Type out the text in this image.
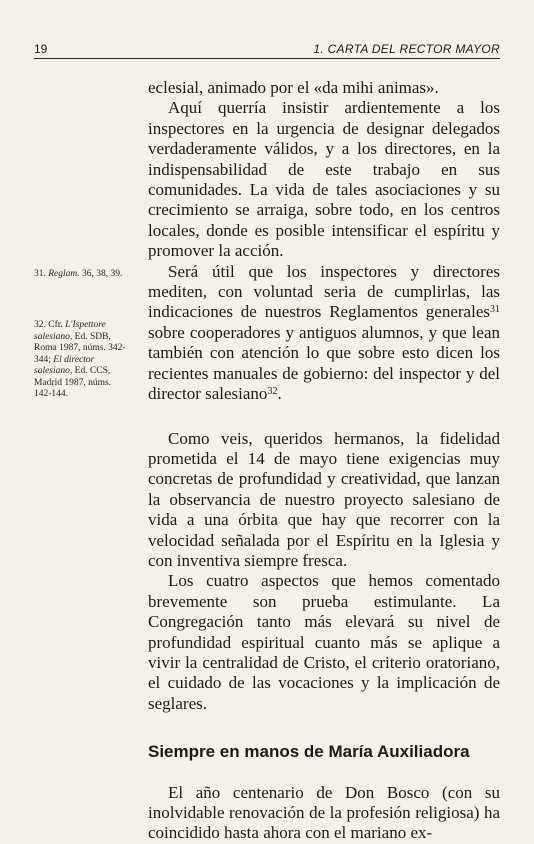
19	1. CARTA DEL RECTOR MAYOR
31. Reglam. 36, 38, 39.
32. Cfr. L'Ispettore salesiano, Ed. SDB, Roma 1987, núms. 342-344; El director salesiano, Ed. CCS, Madrid 1987, núms. 142-144.

eclesial, animado por el «da mihi animas».

Aquí querría insistir ardientemente a los inspectores en la urgencia de designar delegados verdaderamente válidos, y a los directores, en la indispensabilidad de este trabajo en sus comunidades. La vida de tales asociaciones y su crecimiento se arraiga, sobre todo, en los centros locales, donde es posible intensificar el espíritu y promover la acción.

Será útil que los inspectores y directores mediten, con voluntad seria de cumplirlas, las indicaciones de nuestros Reglamentos generales$^{31}$ sobre cooperadores y antiguos alumnos, y que lean también con atención lo que sobre esto dicen los recientes manuales de gobierno: del inspector y del director salesiano$^{32}$.

Como veis, queridos hermanos, la fidelidad prometida el 14 de mayo tiene exigencias muy concretas de profundidad y creatividad, que lanzan la observancia de nuestro proyecto salesiano de vida a una órbita que hay que recorrer con la velocidad señalada por el Espíritu en la Iglesia y con inventiva siempre fresca.

Los cuatro aspectos que hemos comentado brevemente son prueba estimulante. La Congregación tanto más elevará su nivel de profundidad espiritual cuanto más se aplique a vivir la centralidad de Cristo, el criterio oratoriano, el cuidado de las vocaciones y la implicación de seglares.

Siempre en manos de María Auxiliadora

El año centenario de Don Bosco (con su inolvidable renovación de la profesión religiosa) ha coincidido hasta ahora con el mariano ex-
